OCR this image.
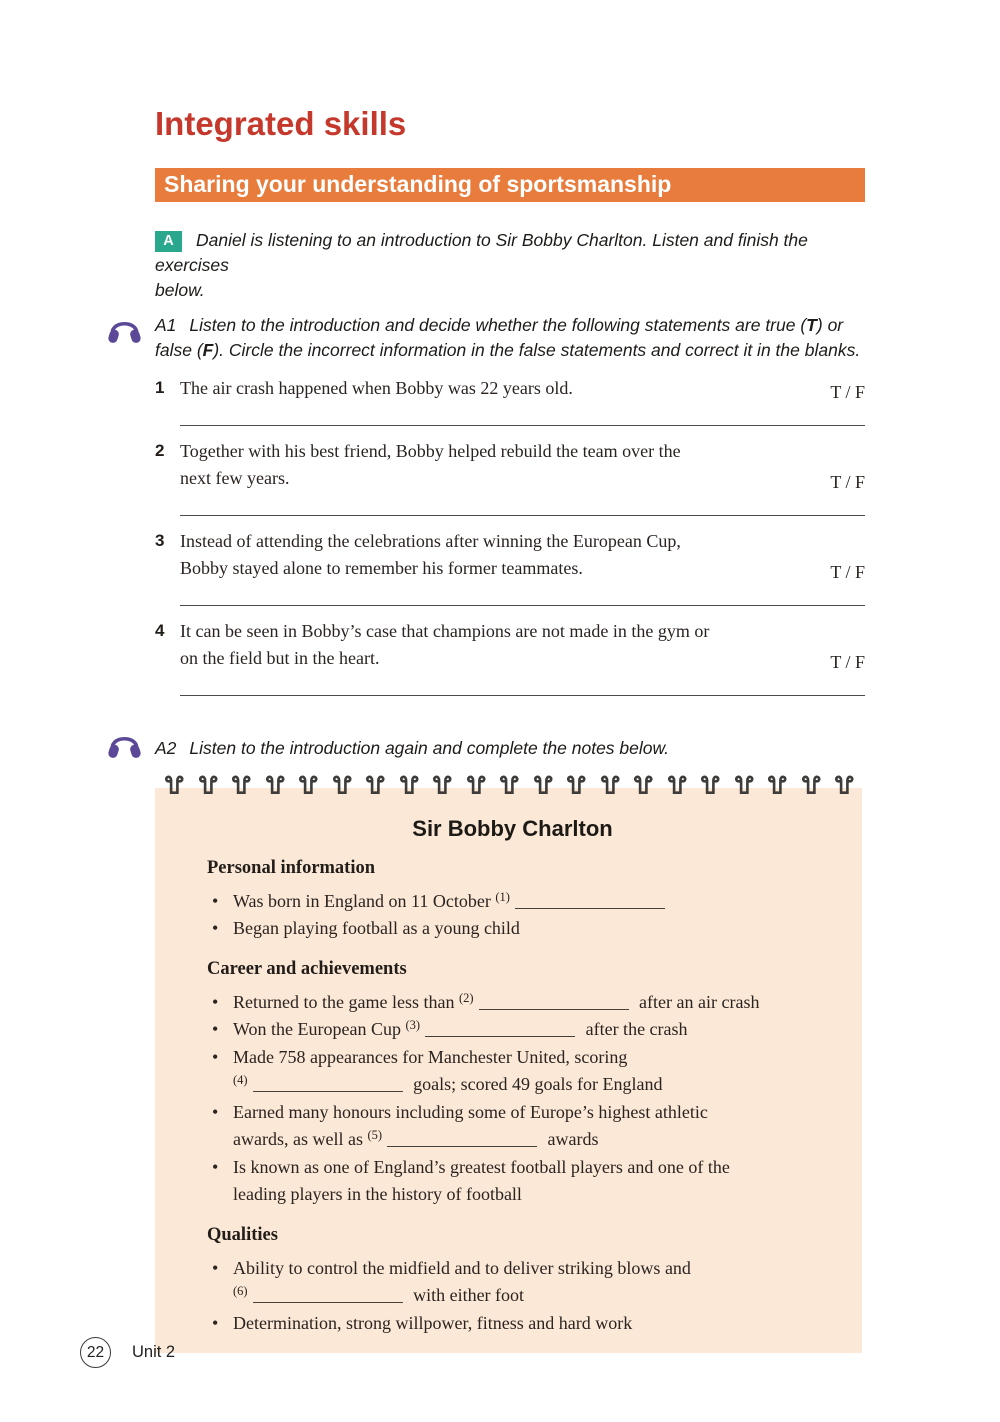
Integrated skills
Sharing your understanding of sportsmanship

A Daniel is listening to an introduction to Sir Bobby Charlton. Listen and finish the exercises
below.

A1 Listen to the introduction and decide whether the following statements are true (T) or
false (F). Circle the incorrect information in the false statements and correct it in the blanks.

1 The air crash happened when Bobby was 22 years old.	T / F
2 Together with his best friend, Bobby helped rebuild the team over the
next few years.	T / F
3 Instead of attending the celebrations after winning the European Cup,
Bobby stayed alone to remember his former teammates.	T / F
4 It can be seen in Bobby’s case that champions are not made in the gym or
on the field but in the heart.	T / F

A2 Listen to the introduction again and complete the notes below.

Sir Bobby Charlton
Personal information
• Was born in England on 11 October $^{(1)}$
• Began playing football as a young child
Career and achievements
• Returned to the game less than $^{(2)}$	after an air crash
• Won the European Cup $^{(3)}$	after the crash
• Made 758 appearances for Manchester United, scoring
$^{(4)}$	goals; scored 49 goals for England
• Earned many honours including some of Europe’s highest athletic
awards, as well as $^{(5)}$	awards
• Is known as one of England’s greatest football players and one of the
leading players in the history of football
Qualities
• Ability to control the midfield and to deliver striking blows and
$^{(6)}$	with either foot
• Determination, strong willpower, fitness and hard work
22	Unit 2
